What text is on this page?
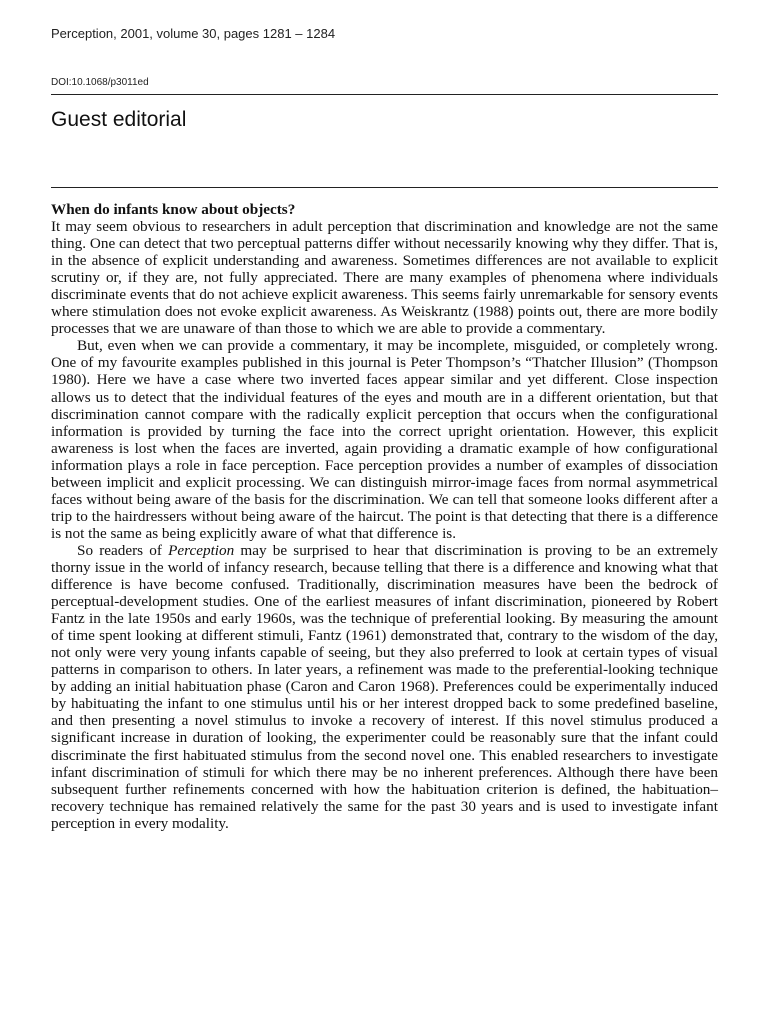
Perception, 2001, volume 30, pages 1281 – 1284
DOI:10.1068/p3011ed
Guest editorial
When do infants know about objects?

It may seem obvious to researchers in adult perception that discrimination and knowledge are not the same thing. One can detect that two perceptual patterns differ without necessarily knowing why they differ. That is, in the absence of explicit understanding and awareness. Sometimes differences are not available to explicit scrutiny or, if they are, not fully appreciated. There are many examples of phenomena where individuals discriminate events that do not achieve explicit awareness. This seems fairly unremarkable for sensory events where stimulation does not evoke explicit awareness. As Weiskrantz (1988) points out, there are more bodily processes that we are unaware of than those to which we are able to provide a commentary.

But, even when we can provide a commentary, it may be incomplete, misguided, or completely wrong. One of my favourite examples published in this journal is Peter Thompson’s “Thatcher Illusion” (Thompson 1980). Here we have a case where two inverted faces appear similar and yet different. Close inspection allows us to detect that the individual features of the eyes and mouth are in a different orientation, but that discrimination cannot compare with the radically explicit perception that occurs when the configurational information is provided by turning the face into the correct upright orientation. However, this explicit awareness is lost when the faces are inverted, again providing a dramatic example of how configurational information plays a role in face perception. Face perception provides a number of examples of dissociation between implicit and explicit processing. We can distinguish mirror-image faces from normal asymmetrical faces without being aware of the basis for the discrimination. We can tell that someone looks different after a trip to the hairdressers without being aware of the haircut. The point is that detecting that there is a difference is not the same as being explicitly aware of what that difference is.

So readers of Perception may be surprised to hear that discrimination is proving to be an extremely thorny issue in the world of infancy research, because telling that there is a difference and knowing what that difference is have become confused. Traditionally, discrimination measures have been the bedrock of perceptual-development studies. One of the earliest measures of infant discrimination, pioneered by Robert Fantz in the late 1950s and early 1960s, was the technique of preferential looking. By measuring the amount of time spent looking at different stimuli, Fantz (1961) demonstrated that, contrary to the wisdom of the day, not only were very young infants capable of seeing, but they also preferred to look at certain types of visual patterns in comparison to others. In later years, a refinement was made to the preferential-looking technique by adding an initial habituation phase (Caron and Caron 1968). Preferences could be experimentally induced by habituating the infant to one stimulus until his or her interest dropped back to some predefined baseline, and then presenting a novel stimulus to invoke a recovery of interest. If this novel stimulus produced a significant increase in duration of looking, the experimenter could be reasonably sure that the infant could discriminate the first habituated stimulus from the second novel one. This enabled researchers to investigate infant discrimination of stimuli for which there may be no inherent preferences. Although there have been subsequent further refinements concerned with how the habituation criterion is defined, the habituation–recovery technique has remained relatively the same for the past 30 years and is used to investigate infant perception in every modality.
